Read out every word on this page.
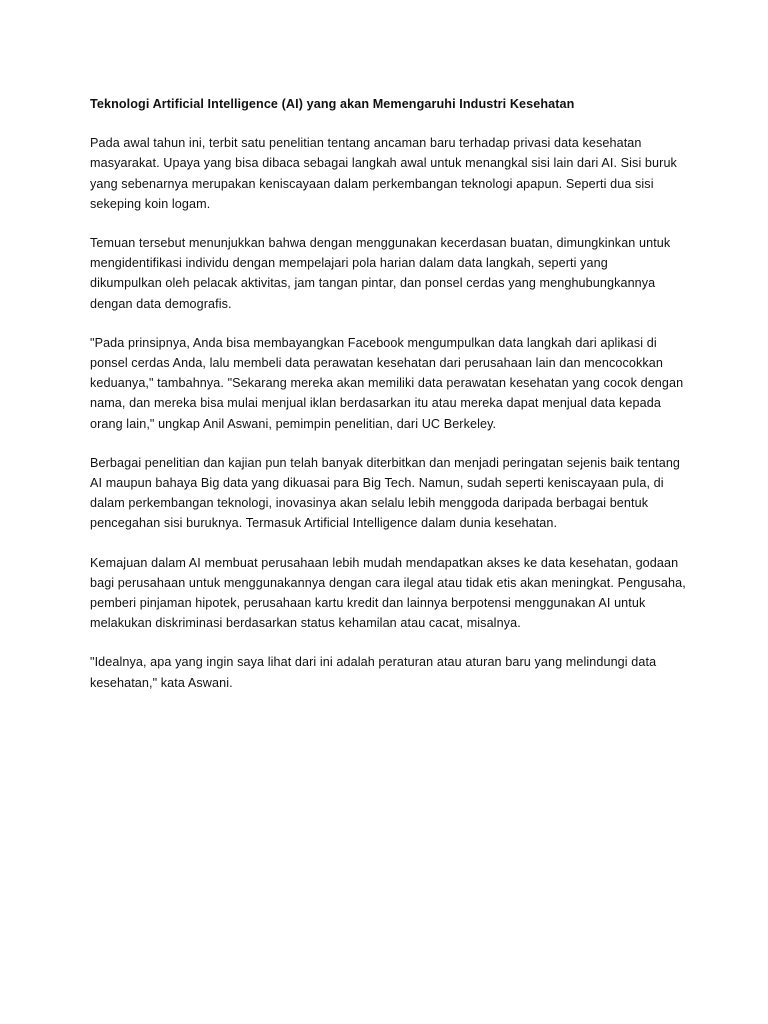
Teknologi Artificial Intelligence (AI) yang akan Memengaruhi Industri Kesehatan
Pada awal tahun ini, terbit satu penelitian tentang ancaman baru terhadap privasi data kesehatan
masyarakat. Upaya yang bisa dibaca sebagai langkah awal untuk menangkal sisi lain dari AI. Sisi buruk
yang sebenarnya merupakan keniscayaan dalam perkembangan teknologi apapun. Seperti dua sisi
sekeping koin logam.
Temuan tersebut menunjukkan bahwa dengan menggunakan kecerdasan buatan, dimungkinkan untuk
mengidentifikasi individu dengan mempelajari pola harian dalam data langkah, seperti yang
dikumpulkan oleh pelacak aktivitas, jam tangan pintar, dan ponsel cerdas yang menghubungkannya
dengan data demografis.
"Pada prinsipnya, Anda bisa membayangkan Facebook mengumpulkan data langkah dari aplikasi di
ponsel cerdas Anda, lalu membeli data perawatan kesehatan dari perusahaan lain dan mencocokkan
keduanya," tambahnya. "Sekarang mereka akan memiliki data perawatan kesehatan yang cocok dengan
nama, dan mereka bisa mulai menjual iklan berdasarkan itu atau mereka dapat menjual data kepada
orang lain," ungkap Anil Aswani, pemimpin penelitian, dari UC Berkeley.
Berbagai penelitian dan kajian pun telah banyak diterbitkan dan menjadi peringatan sejenis baik tentang
AI maupun bahaya Big data yang dikuasai para Big Tech. Namun, sudah seperti keniscayaan pula, di
dalam perkembangan teknologi, inovasinya akan selalu lebih menggoda daripada berbagai bentuk
pencegahan sisi buruknya. Termasuk Artificial Intelligence dalam dunia kesehatan.
Kemajuan dalam AI membuat perusahaan lebih mudah mendapatkan akses ke data kesehatan, godaan
bagi perusahaan untuk menggunakannya dengan cara ilegal atau tidak etis akan meningkat. Pengusaha,
pemberi pinjaman hipotek, perusahaan kartu kredit dan lainnya berpotensi menggunakan AI untuk
melakukan diskriminasi berdasarkan status kehamilan atau cacat, misalnya.
"Idealnya, apa yang ingin saya lihat dari ini adalah peraturan atau aturan baru yang melindungi data
kesehatan," kata Aswani.
